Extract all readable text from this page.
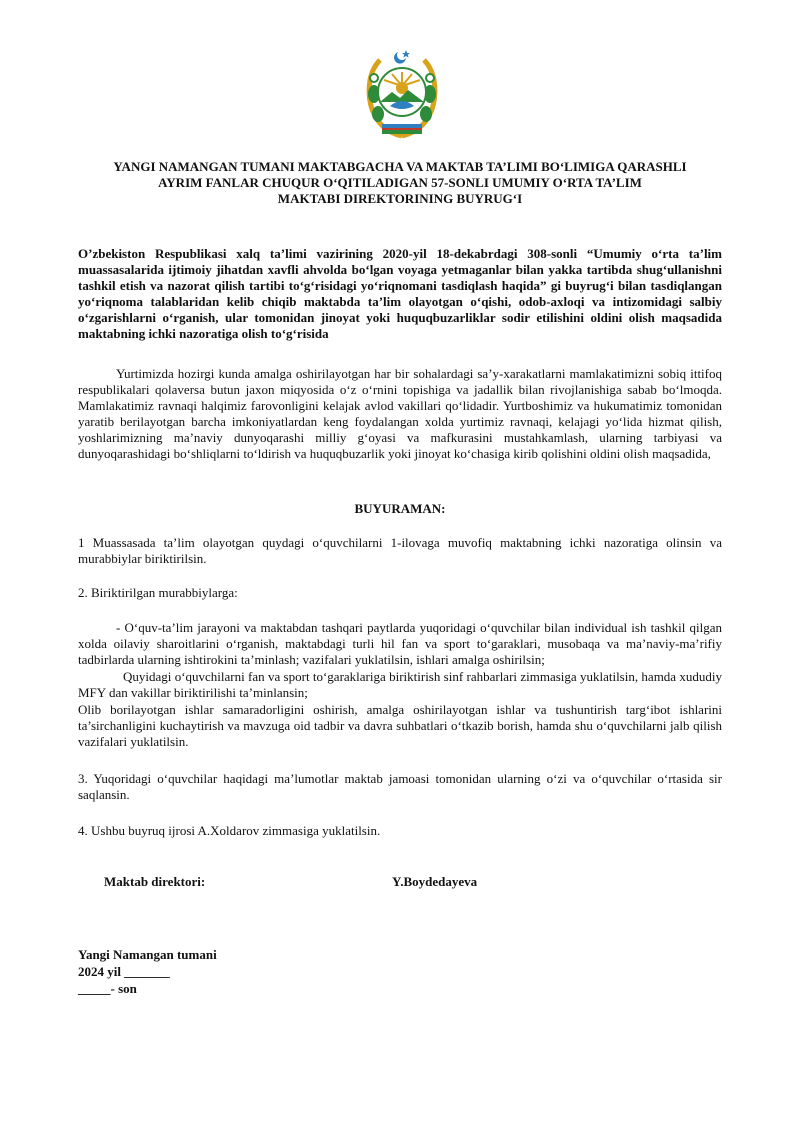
YANGI NAMANGAN TUMANI MAKTABGACHA VA MAKTAB TA’LIMI BO‘LIMIGA QARASHLI
AYRIM FANLAR CHUQUR O‘QITILADIGAN 57-SONLI UMUMIY O‘RTA TA’LIM
MAKTABI DIREKTORINING BUYRUG‘I
O’zbekiston Respublikasi xalq ta’limi vazirining 2020-yil 18-dekabrdagi 308-sonli “Umumiy o‘rta ta’lim muassasalarida ijtimoiy jihatdan xavfli ahvolda bo‘lgan voyaga yetmaganlar bilan yakka tartibda shug‘ullanishni tashkil etish va nazorat qilish tartibi to‘g‘risidagi yo‘riqnomani tasdiqlash haqida” gi buyrug‘i bilan tasdiqlangan yo‘riqnoma talablaridan kelib chiqib maktabda ta’lim olayotgan o‘qishi, odob-axloqi va intizomidagi salbiy o‘zgarishlarni o‘rganish, ular tomonidan jinoyat yoki huquqbuzarliklar sodir etilishini oldini olish maqsadida maktabning ichki nazoratiga olish to‘g‘risida
Yurtimizda hozirgi kunda amalga oshirilayotgan har bir sohalardagi sa’y-xarakatlarni mamlakatimizni sobiq ittifoq respublikalari qolaversa butun jaxon miqyosida o‘z o‘rnini topishiga va jadallik bilan rivojlanishiga sabab bo‘lmoqda. Mamlakatimiz ravnaqi halqimiz farovonligini kelajak avlod vakillari qo‘lidadir. Yurtboshimiz va hukumatimiz tomonidan yaratib berilayotgan barcha imkoniyatlardan keng foydalangan xolda yurtimiz ravnaqi, kelajagi yo‘lida hizmat qilish, yoshlarimizning ma’naviy dunyoqarashi milliy g‘oyasi va mafkurasini mustahkamlash, ularning tarbiyasi va dunyoqarashidagi bo‘shliqlarni to‘ldirish va huquqbuzarlik yoki jinoyat ko‘chasiga kirib qolishini oldini olish maqsadida,
BUYURAMAN:
1 Muassasada ta’lim olayotgan quydagi o‘quvchilarni 1-ilovaga muvofiq maktabning ichki nazoratiga olinsin va murabbiylar biriktirilsin.
2. Biriktirilgan murabbiylarga:
- O‘quv-ta’lim jarayoni va maktabdan tashqari paytlarda yuqoridagi o‘quvchilar bilan individual ish tashkil qilgan xolda oilaviy sharoitlarini o‘rganish, maktabdagi turli hil fan va sport to‘garaklari, musobaqa va ma’naviy-ma’rifiy tadbirlarda ularning ishtirokini ta’minlash; vazifalari yuklatilsin, ishlari amalga oshirilsin;
Quyidagi o‘quvchilarni fan va sport to‘garaklariga biriktirish sinf rahbarlari zimmasiga yuklatilsin, hamda xududiy MFY dan vakillar biriktirilishi ta’minlansin;
Olib borilayotgan ishlar samaradorligini oshirish, amalga oshirilayotgan ishlar va tushuntirish targ‘ibot ishlarini ta’sirchanligini kuchaytirish va mavzuga oid tadbir va davra suhbatlari o‘tkazib borish, hamda shu o‘quvchilarni jalb qilish vazifalari yuklatilsin.
3. Yuqoridagi o‘quvchilar haqidagi ma’lumotlar maktab jamoasi tomonidan ularning o‘zi va o‘quvchilar o‘rtasida sir saqlansin.
4. Ushbu buyruq ijrosi A.Xoldarov zimmasiga yuklatilsin.
Maktab direktori:	Y.Boydedayeva
Yangi Namangan tumani
2024 yil _______
_____- son
